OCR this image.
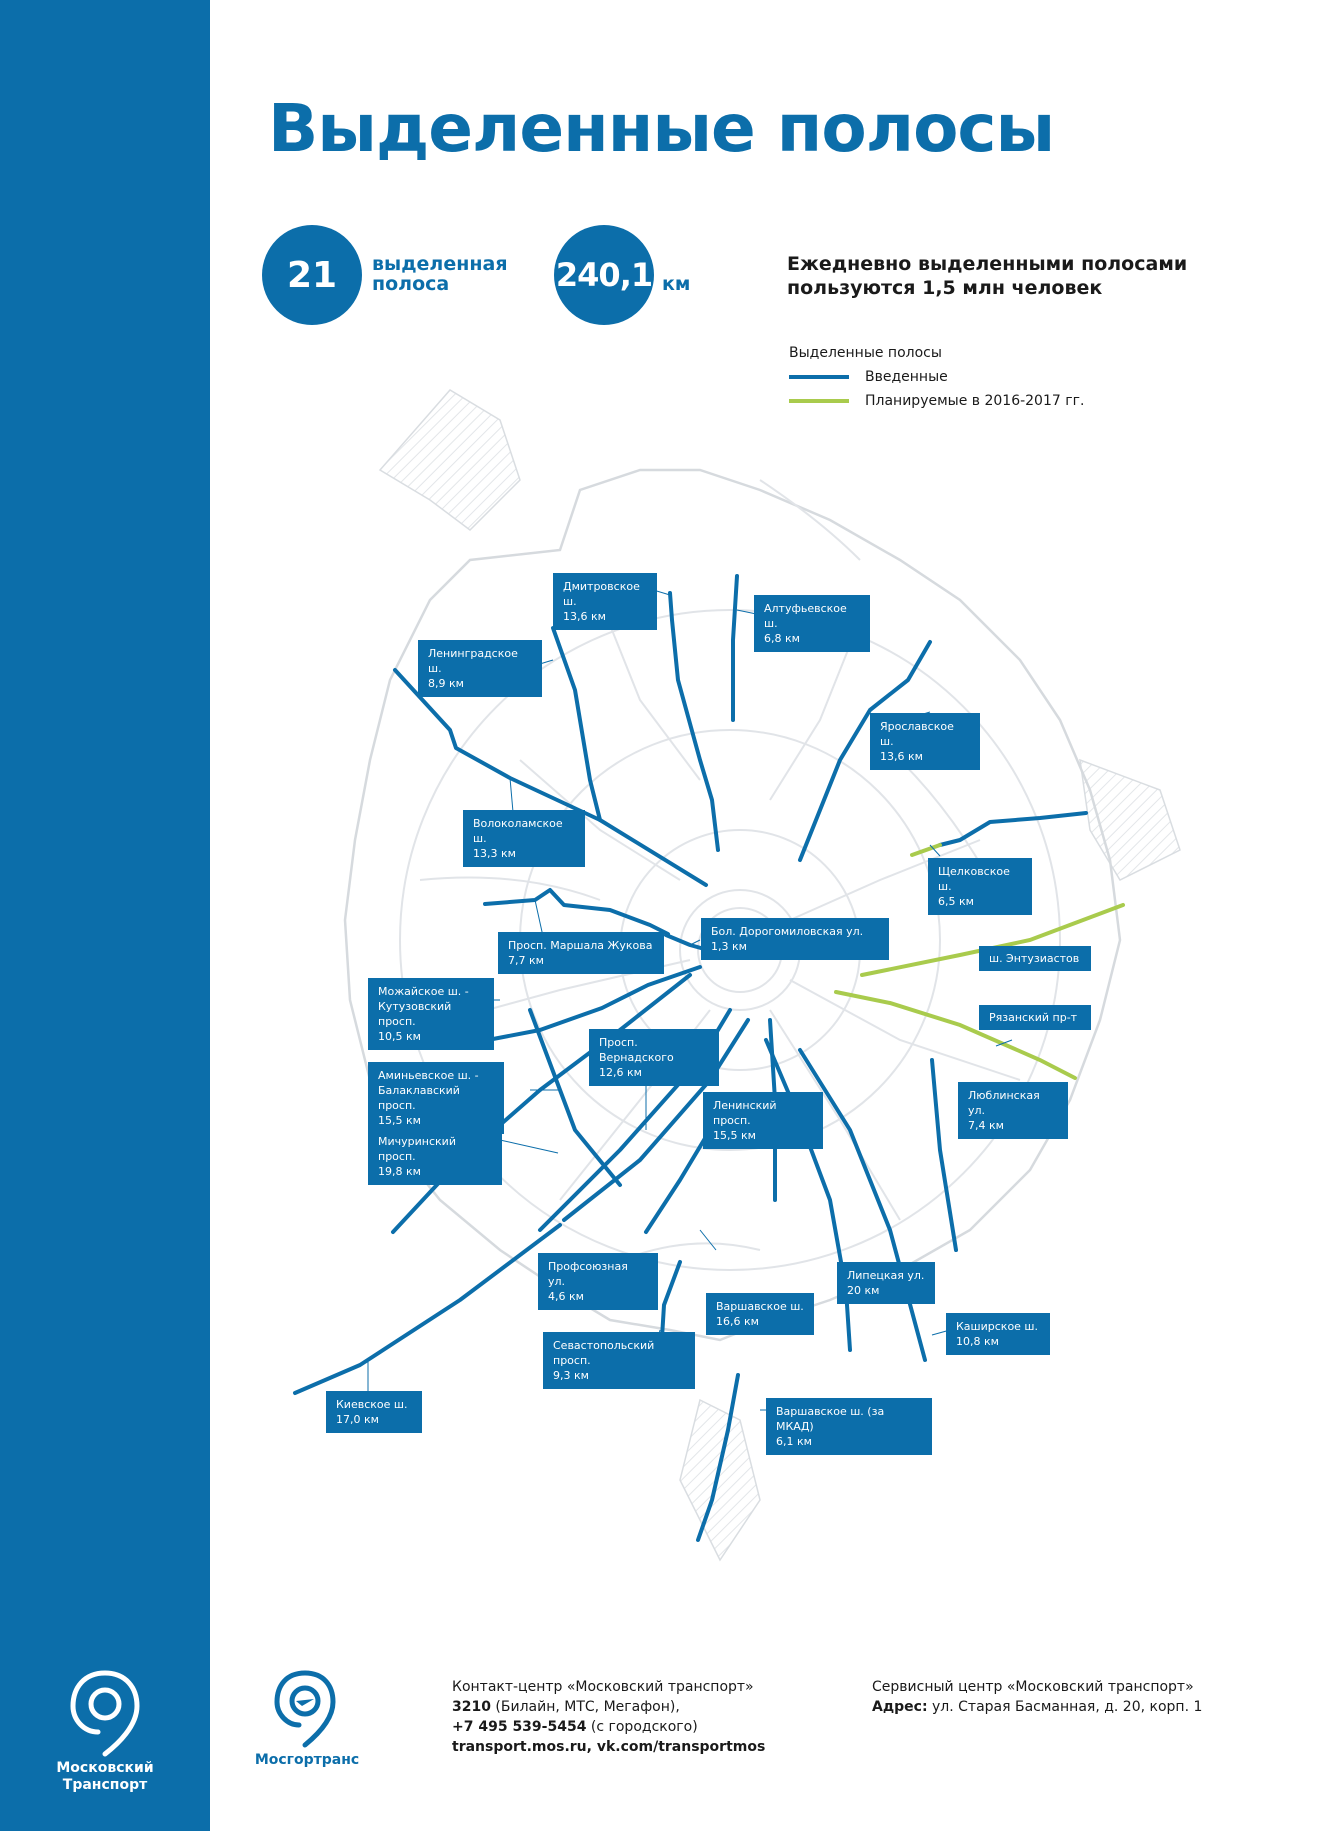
Выделенные полосы
21 выделенная
полоса	240,1 км
Ежедневно выделенными полосами
пользуются 1,5 млн человек
Выделенные полосы
Введенные
Планируемые в 2016-2017 гг.
Дмитровское ш.
13,6 км
Алтуфьевское ш.
6,8 км
Ленинградское ш.
8,9 км
Ярославское ш.
13,6 км
Волоколамское ш.
13,3 км
Щелковское ш.
6,5 км
Бол. Дорогомиловская ул.
1,3 км
Просп. Маршала Жукова
7,7 км
Можайское ш. -
Кутузовский просп.
10,5 км	Просп. Вернадского
12,6 км
Аминьевское ш. -
Балаклавский просп.
15,5 км
Ленинский просп.
15,5 км
Люблинская ул.
7,4 км
Мичуринский просп.
19,8 км
Профсоюзная ул.
4,6 км
Липецкая ул.
20 км
Варшавское ш.
16,6 км	Каширское ш.
10,8 км
Севастопольский просп.
9,3 км
Варшавское ш. (за МКАД)
6,1 км
Киевское ш.
17,0 км
ш. Энтузиастов
Рязанский пр-т
Московский
Транспорт
Мосгортранс
Контакт-центр «Московский транспорт»
3210 (Билайн, МТС, Мегафон),
+7 495 539-5454 (с городского)
transport.mos.ru, vk.com/transportmos
Сервисный центр «Московский транспорт»
Адрес: ул. Старая Басманная, д. 20, корп. 1
